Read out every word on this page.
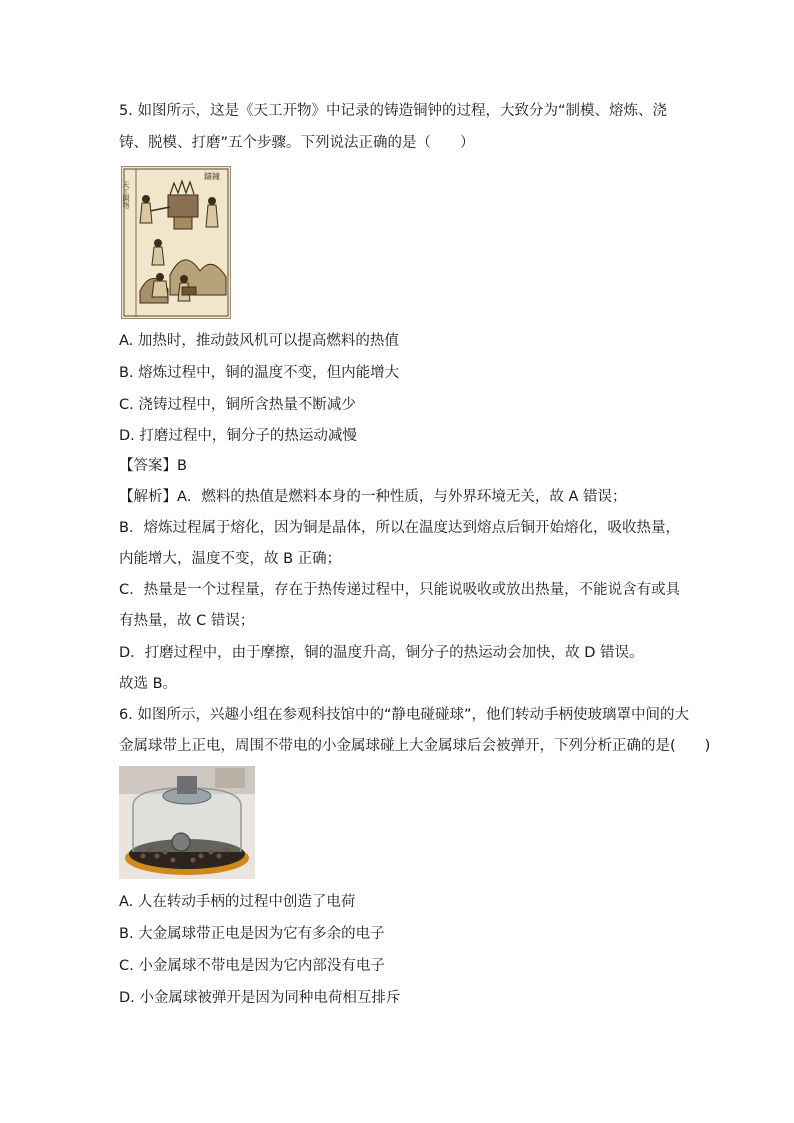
5. 如图所示，这是《天工开物》中记录的铸造铜钟的过程，大致分为“制模、熔炼、浇
铸、脱模、打磨”五个步骤。下列说法正确的是（　　）
鑄鐘
天工開物
A. 加热时，推动鼓风机可以提高燃料的热值
B. 熔炼过程中，铜的温度不变，但内能增大
C. 浇铸过程中，铜所含热量不断减少
D. 打磨过程中，铜分子的热运动减慢
【答案】B
【解析】A．燃料的热值是燃料本身的一种性质，与外界环境无关，故 A 错误；
B．熔炼过程属于熔化，因为铜是晶体，所以在温度达到熔点后铜开始熔化，吸收热量，
内能增大，温度不变，故 B 正确；
C．热量是一个过程量，存在于热传递过程中，只能说吸收或放出热量，不能说含有或具
有热量，故 C 错误；
D．打磨过程中，由于摩擦，铜的温度升高，铜分子的热运动会加快，故 D 错误。
故选 B。
6. 如图所示，兴趣小组在参观科技馆中的“静电碰碰球”，他们转动手柄使玻璃罩中间的大
金属球带上正电，周围不带电的小金属球碰上大金属球后会被弹开，下列分析正确的是(　　)
A. 人在转动手柄的过程中创造了电荷
B. 大金属球带正电是因为它有多余的电子
C. 小金属球不带电是因为它内部没有电子
D. 小金属球被弹开是因为同种电荷相互排斥
